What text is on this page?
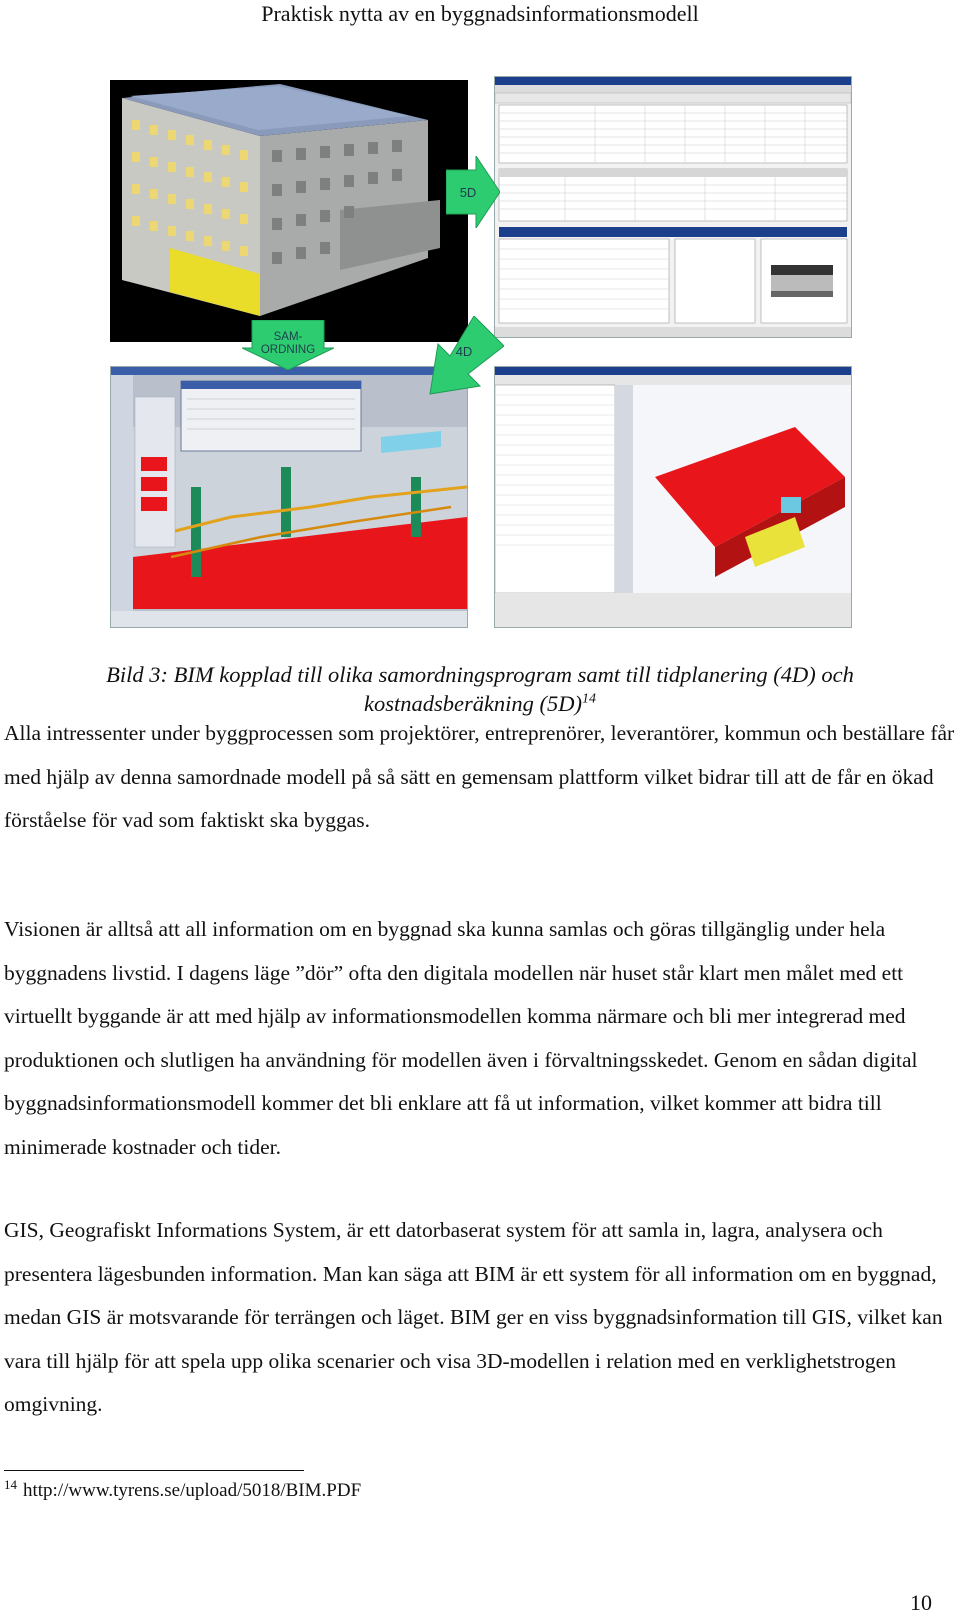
Praktisk nytta av en byggnadsinformationsmodell
5D
SAM-
ORDNING	4D
Bild 3: BIM kopplad till olika samordningsprogram samt till tidplanering (4D) och
kostnadsberäkning $(5D)^{14}$

Alla intressenter under byggprocessen som projektörer, entreprenörer, leverantörer, kommun och beställare får med hjälp av denna samordnade modell på så sätt en gemensam plattform vilket bidrar till att de får en ökad förståelse för vad som faktiskt ska byggas.

Visionen är alltså att all information om en byggnad ska kunna samlas och göras tillgänglig under hela byggnadens livstid. I dagens läge ”dör” ofta den digitala modellen när huset står klart men målet med ett virtuellt byggande är att med hjälp av informationsmodellen komma närmare och bli mer integrerad med produktionen och slutligen ha användning för modellen även i förvaltningsskedet. Genom en sådan digital byggnadsinformationsmodell kommer det bli enklare att få ut information, vilket kommer att bidra till minimerade kostnader och tider.

GIS, Geografiskt Informations System, är ett datorbaserat system för att samla in, lagra, analysera och presentera lägesbunden information. Man kan säga att BIM är ett system för all information om en byggnad, medan GIS är motsvarande för terrängen och läget. BIM ger en viss byggnadsinformation till GIS, vilket kan vara till hjälp för att spela upp olika scenarier och visa 3D-modellen i relation med en verklighetstrogen omgivning.

$^{14}$ http://www.tyrens.se/upload/5018/BIM.PDF
10
